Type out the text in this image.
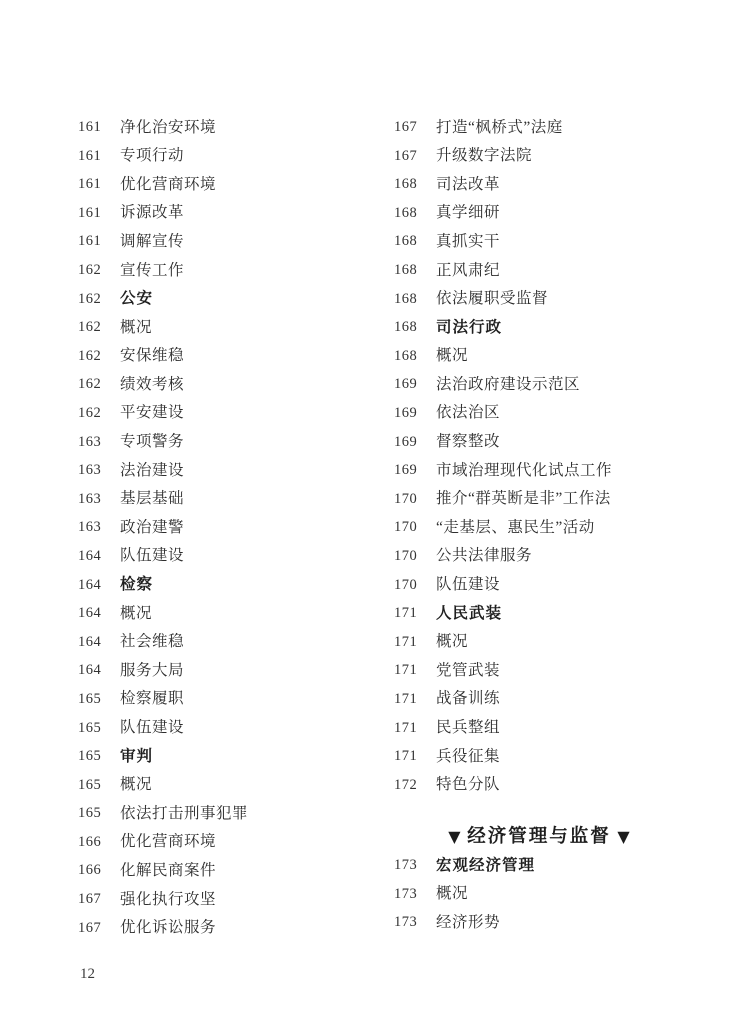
161	净化治安环境
161	专项行动
161	优化营商环境
161	诉源改革
161	调解宣传
162	宣传工作
162	公安
162	概况
162	安保维稳
162	绩效考核
162	平安建设
163	专项警务
163	法治建设
163	基层基础
163	政治建警
164	队伍建设
164	检察
164	概况
164	社会维稳
164	服务大局
165	检察履职
165	队伍建设
165	审判
165	概况
165	依法打击刑事犯罪
166	优化营商环境
166	化解民商案件
167	强化执行攻坚
167	优化诉讼服务
167	打造“枫桥式”法庭
167	升级数字法院
168	司法改革
168	真学细研
168	真抓实干
168	正风肃纪
168	依法履职受监督
168	司法行政
168	概况
169	法治政府建设示范区
169	依法治区
169	督察整改
169	市域治理现代化试点工作
170	推介“群英断是非”工作法
170	“走基层、惠民生”活动
170	公共法律服务
170	队伍建设
171	人民武装
171	概况
171	党管武装
171	战备训练
171	民兵整组
171	兵役征集
172	特色分队
▼ 经济管理与监督 ▼
173	宏观经济管理
173	概况
173	经济形势
12
